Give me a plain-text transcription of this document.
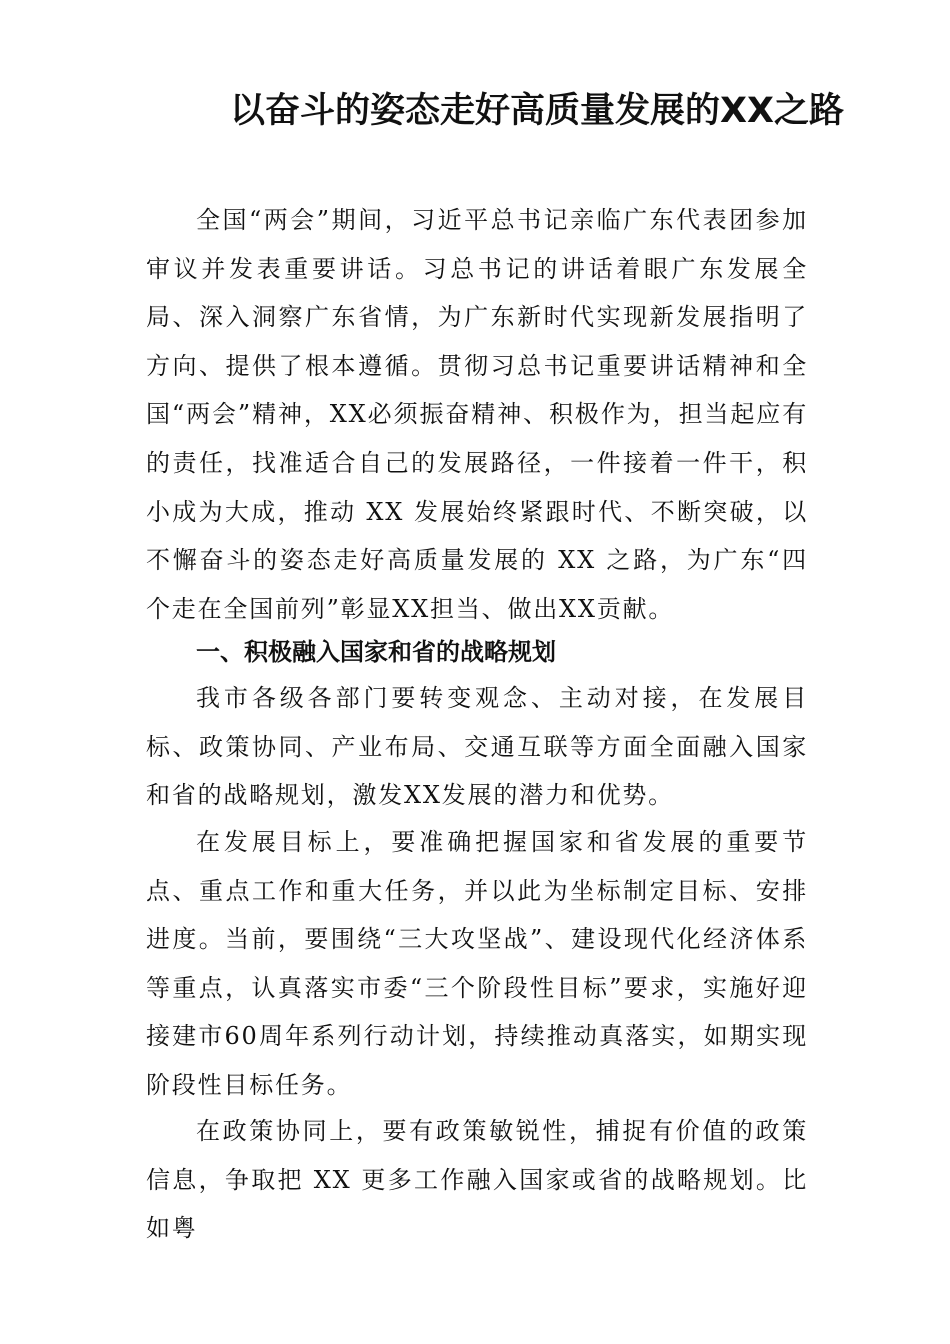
以奋斗的姿态走好高质量发展的XX之路

全国“两会”期间，习近平总书记亲临广东代表团参加审议并发表重要讲话。习总书记的讲话着眼广东发展全局、深入洞察广东省情，为广东新时代实现新发展指明了方向、提供了根本遵循。贯彻习总书记重要讲话精神和全国“两会”精神，XX必须振奋精神、积极作为，担当起应有的责任，找准适合自己的发展路径，一件接着一件干，积小成为大成，推动 XX 发展始终紧跟时代、不断突破，以不懈奋斗的姿态走好高质量发展的 XX 之路，为广东“四个走在全国前列”彰显XX担当、做出XX贡献。

一、积极融入国家和省的战略规划

我市各级各部门要转变观念、主动对接，在发展目标、政策协同、产业布局、交通互联等方面全面融入国家和省的战略规划，激发XX发展的潜力和优势。

在发展目标上，要准确把握国家和省发展的重要节点、重点工作和重大任务，并以此为坐标制定目标、安排进度。当前，要围绕“三大攻坚战”、建设现代化经济体系等重点，认真落实市委“三个阶段性目标”要求，实施好迎接建市60周年系列行动计划，持续推动真落实，如期实现阶段性目标任务。

在政策协同上，要有政策敏锐性，捕捉有价值的政策信息，争取把 XX 更多工作融入国家或省的战略规划。比如粤
